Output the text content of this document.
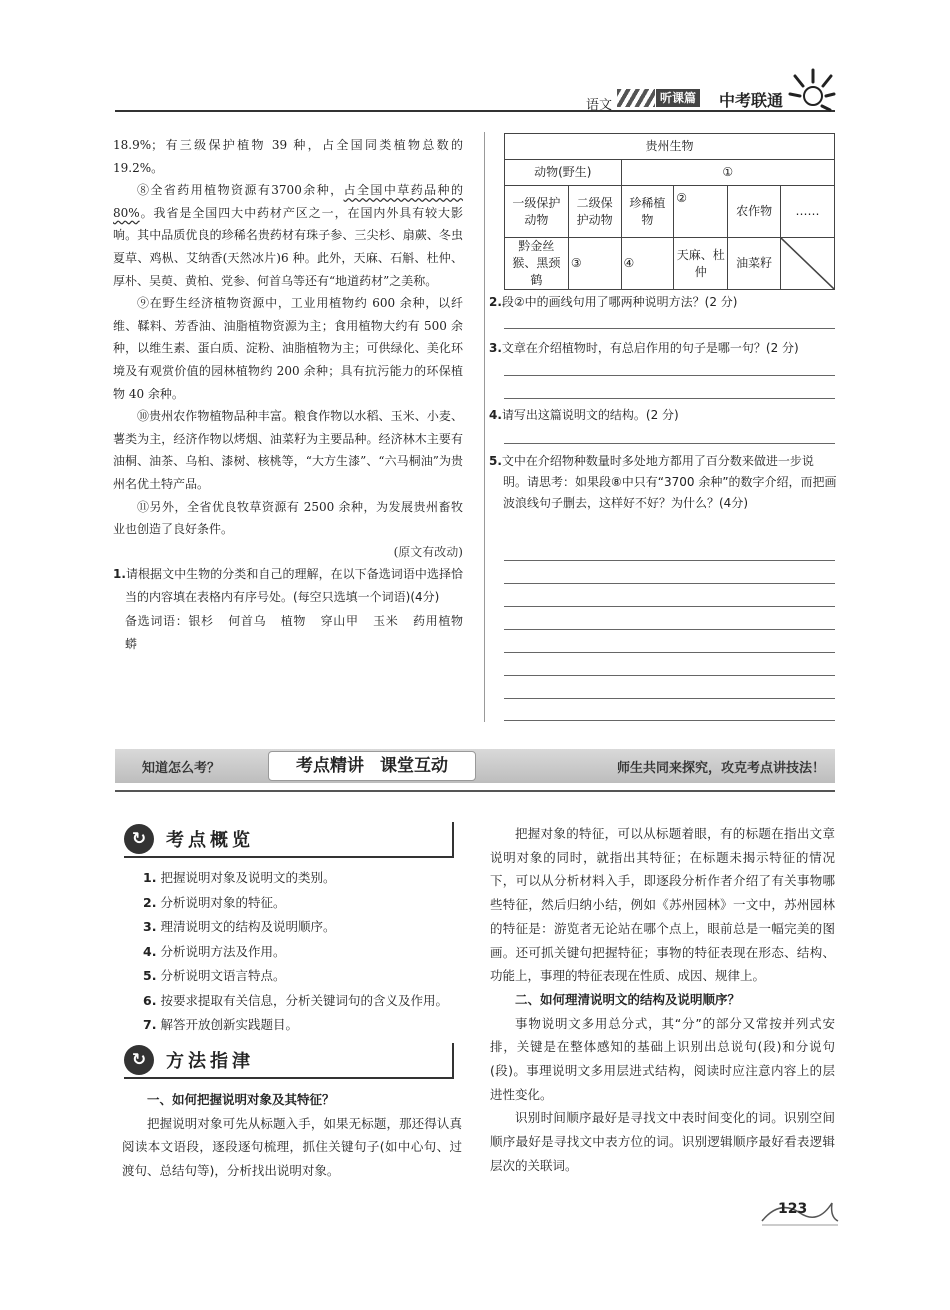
语文	听课篇 中考联通

18.9%；有三级保护植物 39 种，占全国同类植物总数的19.2%。

⑧全省药用植物资源有3700余种，占全国中草药品种的80%。我省是全国四大中药材产区之一，在国内外具有较大影响。其中品质优良的珍稀名贵药材有珠子参、三尖杉、扇蕨、冬虫夏草、鸡枞、艾纳香(天然冰片)6 种。此外，天麻、石斛、杜仲、厚朴、吴萸、黄柏、党参、何首乌等还有“地道药材”之美称。

⑨在野生经济植物资源中，工业用植物约 600 余种，以纤维、鞣料、芳香油、油脂植物资源为主；食用植物大约有 500 余种，以维生素、蛋白质、淀粉、油脂植物为主；可供绿化、美化环境及有观赏价值的园林植物约 200 余种；具有抗污能力的环保植物 40 余种。

⑩贵州农作物植物品种丰富。粮食作物以水稻、玉米、小麦、薯类为主，经济作物以烤烟、油菜籽为主要品种。经济林木主要有油桐、油茶、乌桕、漆树、核桃等，“大方生漆”、“六马桐油”为贵州名优土特产品。

⑪另外，全省优良牧草资源有 2500 余种，为发展贵州畜牧业也创造了良好条件。

(原文有改动)

1.请根据文中生物的分类和自己的理解，在以下备选词语中选择恰当的内容填在表格内有序号处。(每空只选填一个词语)(4分)

备选词语：银杉 何首乌 植物 穿山甲 玉米 药用植物 蟒

贵州生物					
动物(野生)		①			
一级保护动物	二级保护动物	珍稀植物	②	农作物	……
黔金丝猴、黑颈鹤	③	④	天麻、杜仲	油菜籽	
2.段②中的画线句用了哪两种说明方法？(2 分)
3.文章在介绍植物时，有总启作用的句子是哪一句？(2 分)
4.请写出这篇说明文的结构。(2 分)
5.文中在介绍物种数量时多处地方都用了百分数来做进一步说明。请思考：如果段⑧中只有“3700 余种”的数字介绍，而把画波浪线句子删去，这样好不好？为什么？(4分)
知道怎么考？	考点精讲 课堂互动	师生共同来探究，攻克考点讲技法！
↻	考点概览
1. 把握说明对象及说明文的类别。
2. 分析说明对象的特征。
3. 理清说明文的结构及说明顺序。
4. 分析说明方法及作用。
5. 分析说明文语言特点。
6. 按要求提取有关信息，分析关键词句的含义及作用。
7. 解答开放创新实践题目。
↻	方法指津

一、如何把握说明对象及其特征？

把握说明对象可先从标题入手，如果无标题，那还得认真阅读本文语段，逐段逐句梳理，抓住关键句子(如中心句、过渡句、总结句等)，分析找出说明对象。

把握对象的特征，可以从标题着眼，有的标题在指出文章说明对象的同时，就指出其特征；在标题未揭示特征的情况下，可以从分析材料入手，即逐段分析作者介绍了有关事物哪些特征，然后归纳小结，例如《苏州园林》一文中，苏州园林的特征是：游览者无论站在哪个点上，眼前总是一幅完美的图画。还可抓关键句把握特征；事物的特征表现在形态、结构、功能上，事理的特征表现在性质、成因、规律上。

二、如何理清说明文的结构及说明顺序？

事物说明文多用总分式，其“分”的部分又常按并列式安排，关键是在整体感知的基础上识别出总说句(段)和分说句(段)。事理说明文多用层进式结构，阅读时应注意内容上的层进性变化。

识别时间顺序最好是寻找文中表时间变化的词。识别空间顺序最好是寻找文中表方位的词。识别逻辑顺序最好看表逻辑层次的关联词。

123
